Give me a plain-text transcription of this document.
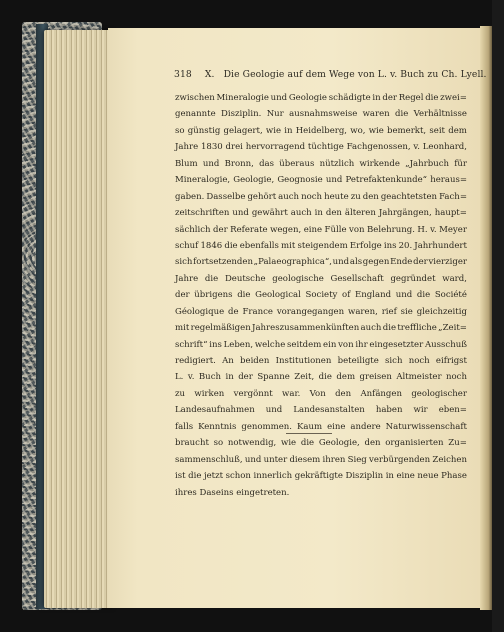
318 X. Die Geologie auf dem Wege von L. v. Buch zu Ch. Lyell.
zwischen Mineralogie und Geologie schädigte in der Regel die zwei=
genannte Disziplin. Nur ausnahmsweise waren die Verhältnisse
so günstig gelagert, wie in Heidelberg, wo, wie bemerkt, seit dem
Jahre 1830 drei hervorragend tüchtige Fachgenossen, v. Leonhard,
Blum und Bronn, das überaus nützlich wirkende „Jahrbuch für
Mineralogie, Geologie, Geognosie und Petrefaktenkunde“ heraus=
gaben. Dasselbe gehört auch noch heute zu den geachtetsten Fach=
zeitschriften und gewährt auch in den älteren Jahrgängen, haupt=
sächlich der Referate wegen, eine Fülle von Belehrung. H. v. Meyer
schuf 1846 die ebenfalls mit steigendem Erfolge ins 20. Jahrhundert
sich fortsetzenden „Palaeographica“, und als gegen Ende der vierziger
Jahre die Deutsche geologische Gesellschaft gegründet ward,
der übrigens die Geological Society of England und die Société
Géologique de France vorangegangen waren, rief sie gleichzeitig
mit regelmäßigen Jahreszusammenkünften auch die treffliche „Zeit=
schrift“ ins Leben, welche seitdem ein von ihr eingesetzter Ausschuß
redigiert. An beiden Institutionen beteiligte sich noch eifrigst
L. v. Buch in der Spanne Zeit, die dem greisen Altmeister noch
zu wirken vergönnt war. Von den Anfängen geologischer
Landesaufnahmen und Landesanstalten haben wir eben=
falls Kenntnis genommen. Kaum eine andere Naturwissenschaft
braucht so notwendig, wie die Geologie, den organisierten Zu=
sammenschluß, und unter diesem ihren Sieg verbürgenden Zeichen
ist die jetzt schon innerlich gekräftigte Disziplin in eine neue Phase
ihres Daseins eingetreten.
